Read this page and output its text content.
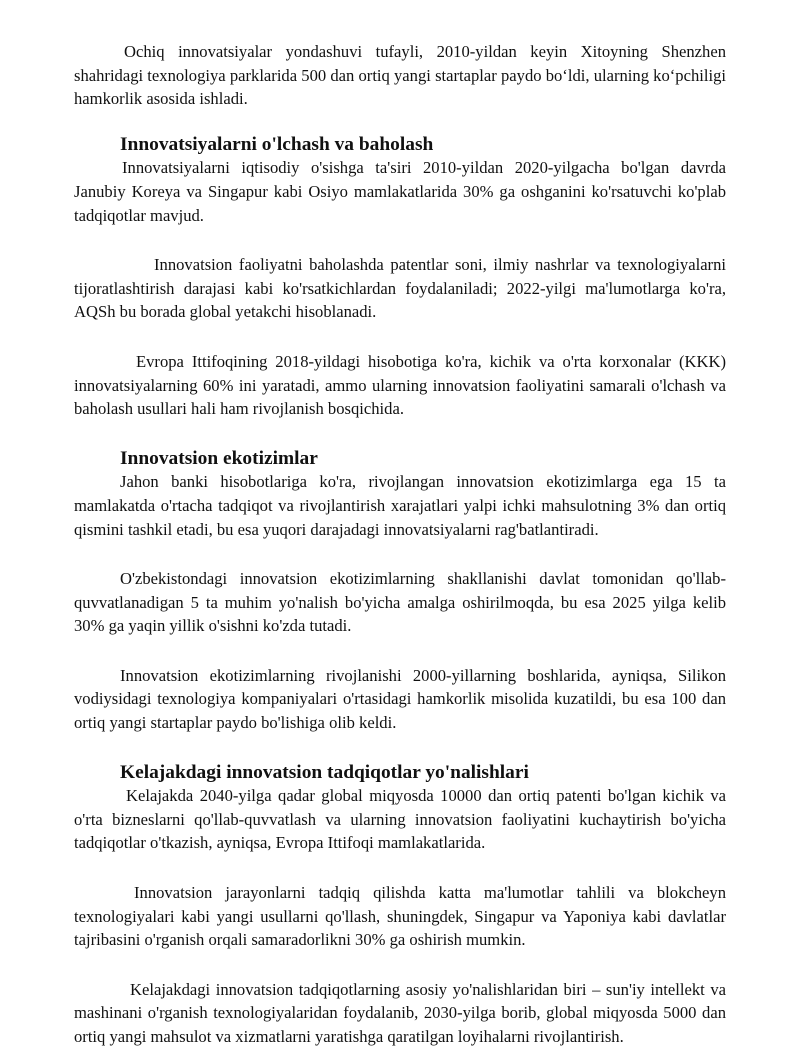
Ochiq innovatsiyalar yondashuvi tufayli, 2010-yildan keyin Xitoyning Shenzhen shahridagi texnologiya parklarida 500 dan ortiq yangi startaplar paydo boʻldi, ularning koʻpchiligi hamkorlik asosida ishladi.

Innovatsiyalarni o'lchash va baholash

Innovatsiyalarni iqtisodiy o'sishga ta'siri 2010-yildan 2020-yilgacha bo'lgan davrda Janubiy Koreya va Singapur kabi Osiyo mamlakatlarida 30% ga oshganini ko'rsatuvchi ko'plab tadqiqotlar mavjud.

Innovatsion faoliyatni baholashda patentlar soni, ilmiy nashrlar va texnologiyalarni tijoratlashtirish darajasi kabi ko'rsatkichlardan foydalaniladi; 2022-yilgi ma'lumotlarga ko'ra, AQSh bu borada global yetakchi hisoblanadi.

Evropa Ittifoqining 2018-yildagi hisobotiga ko'ra, kichik va o'rta korxonalar (KKK) innovatsiyalarning 60% ini yaratadi, ammo ularning innovatsion faoliyatini samarali o'lchash va baholash usullari hali ham rivojlanish bosqichida.

Innovatsion ekotizimlar

Jahon banki hisobotlariga ko'ra, rivojlangan innovatsion ekotizimlarga ega 15 ta mamlakatda o'rtacha tadqiqot va rivojlantirish xarajatlari yalpi ichki mahsulotning 3% dan ortiq qismini tashkil etadi, bu esa yuqori darajadagi innovatsiyalarni rag'batlantiradi.

O'zbekistondagi innovatsion ekotizimlarning shakllanishi davlat tomonidan qo'llab-quvvatlanadigan 5 ta muhim yo'nalish bo'yicha amalga oshirilmoqda, bu esa 2025 yilga kelib 30% ga yaqin yillik o'sishni ko'zda tutadi.

Innovatsion ekotizimlarning rivojlanishi 2000-yillarning boshlarida, ayniqsa, Silikon vodiysidagi texnologiya kompaniyalari o'rtasidagi hamkorlik misolida kuzatildi, bu esa 100 dan ortiq yangi startaplar paydo bo'lishiga olib keldi.

Kelajakdagi innovatsion tadqiqotlar yo'nalishlari

Kelajakda 2040-yilga qadar global miqyosda 10000 dan ortiq patenti bo'lgan kichik va o'rta bizneslarni qo'llab-quvvatlash va ularning innovatsion faoliyatini kuchaytirish bo'yicha tadqiqotlar o'tkazish, ayniqsa, Evropa Ittifoqi mamlakatlarida.

Innovatsion jarayonlarni tadqiq qilishda katta ma'lumotlar tahlili va blokcheyn texnologiyalari kabi yangi usullarni qo'llash, shuningdek, Singapur va Yaponiya kabi davlatlar tajribasini o'rganish orqali samaradorlikni 30% ga oshirish mumkin.

Kelajakdagi innovatsion tadqiqotlarning asosiy yo'nalishlaridan biri – sun'iy intellekt va mashinani o'rganish texnologiyalaridan foydalanib, 2030-yilga borib, global miqyosda 5000 dan ortiq yangi mahsulot va xizmatlarni yaratishga qaratilgan loyihalarni rivojlantirish.
